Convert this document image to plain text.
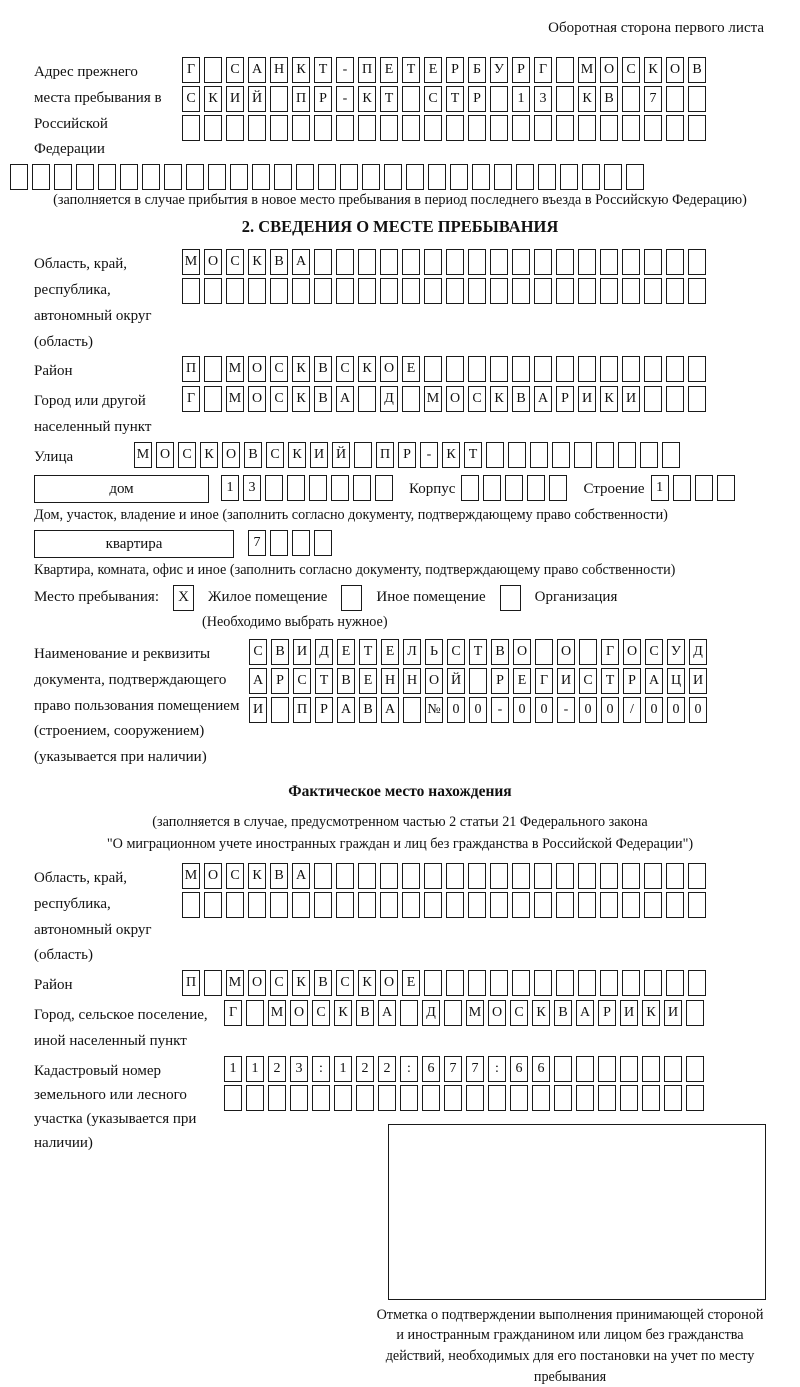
Оборотная сторона первого листа
Адрес прежнего места пребывания в Российской Федерации
Г	С А Н К Т	-	П Е Т Е Р	Б У Р	Г	М О С К О В
С К И Й П Р	-	К Т	С Т Р	1	3	К В	7
(заполняется в случае прибытия в новое место пребывания в период последнего въезда в Российскую Федерацию)
2. СВЕДЕНИЯ О МЕСТЕ ПРЕБЫВАНИЯ
Область, край, республика, автономный округ (область)
М О С К В А
Район	П М О С К В С К О Е
Город или другой населенный пункт
Г	М О С К В А	Д	М О С К В А Р И К И
Улица	М О С К О В С К И Й П Р	-	К Т
дом	1	3	Корпус	Строение 1
Дом, участок, владение и иное (заполнить согласно документу, подтверждающему право собственности)
квартира	7
Квартира, комната, офис и иное (заполнить согласно документу, подтверждающему право собственности)
Место пребывания:	X	Жилое помещение	Иное помещение	Организация
(Необходимо выбрать нужное)
Наименование и реквизиты документа, подтверждающего право пользования помещением (строением, сооружением) (указывается при наличии)
С В И Д Е Т Е Л Ь С Т В О О	Г О С У Д
А Р С Т В Е Н Н О Й	Р Е Г И С Т Р А Ц И
И П Р А В А № 0	0	-	0	0	-	0	0	/	0	0	0
Фактическое место нахождения
(заполняется в случае, предусмотренном частью 2 статьи 21 Федерального закона
"О миграционном учете иностранных граждан и лиц без гражданства в Российской Федерации")
Область, край, республика, автономный округ (область)
М О С К В А
Район	П М О С К В С К О Е
Город, сельское поселение, иной населенный пункт
Г	М О С К В А	Д	М О С К В А Р И К И
Кадастровый номер земельного или лесного участка (указывается при наличии)
1	1	2	3	:	1	2	2	:	6	7	7	:	6	6
Отметка о подтверждении выполнения принимающей стороной и иностранным гражданином или лицом без гражданства действий, необходимых для его постановки на учет по месту пребывания
